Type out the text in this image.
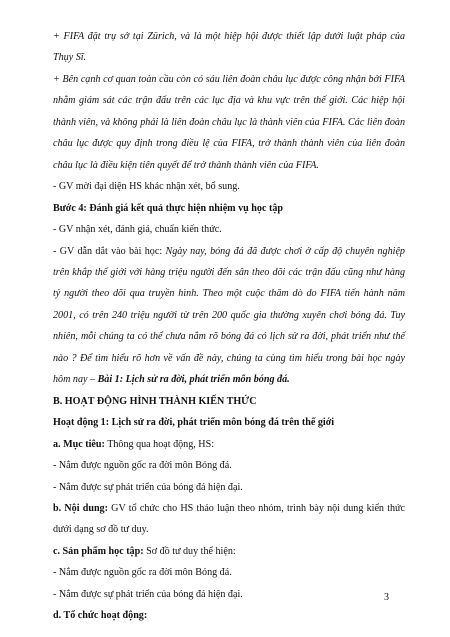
+ FIFA đặt trụ sở tại Zürich, và là một hiệp hội được thiết lập dưới luật pháp của Thụy Sĩ.

+ Bên cạnh cơ quan toàn cầu còn có sáu liên đoàn châu lục được công nhận bởi FIFA nhằm giám sát các trận đấu trên các lục địa và khu vực trên thế giới. Các hiệp hội thành viên, và không phải là liên đoàn châu lục là thành viên của FIFA. Các liên đoàn châu lục được quy định trong điều lệ của FIFA, trở thành thành viên của liên đoàn châu lục là điều kiện tiên quyết để trở thành thành viên của FIFA.

- GV mời đại diện HS khác nhận xét, bổ sung.

Bước 4: Đánh giá kết quả thực hiện nhiệm vụ học tập

- GV nhận xét, đánh giá, chuẩn kiến thức.

- GV dẫn dắt vào bài học: Ngày nay, bóng đá đã được chơi ở cấp độ chuyên nghiệp trên khắp thế giới với hàng triệu người đến sân theo dõi các trận đấu cũng như hàng tỷ người theo dõi qua truyền hình. Theo một cuộc thăm dò do FIFA tiến hành năm 2001, có trên 240 triệu người từ trên 200 quốc gia thường xuyên chơi bóng đá. Tuy nhiên, mỗi chúng ta có thể chưa nắm rõ bóng đá có lịch sử ra đời, phát triển như thế nào ? Để tìm hiểu rõ hơn về vấn đề này, chúng ta cùng tìm hiểu trong bài học ngày hôm nay – Bài 1: Lịch sử ra đời, phát triển môn bóng đá.

B. HOẠT ĐỘNG HÌNH THÀNH KIẾN THỨC

Hoạt động 1: Lịch sử ra đời, phát triển môn bóng đá trên thế giới

a. Mục tiêu: Thông qua hoạt động, HS:

- Nắm được nguồn gốc ra đời môn Bóng đá.

- Nắm được sự phát triển của bóng đá hiện đại.

b. Nội dung: GV tổ chức cho HS thảo luận theo nhóm, trình bày nội dung kiến thức dưới dạng sơ đồ tư duy.

c. Sản phẩm học tập: Sơ đồ tư duy thể hiện:

- Nắm được nguồn gốc ra đời môn Bóng đá.

- Nắm được sự phát triển của bóng đá hiện đại.

d. Tổ chức hoạt động:

3
